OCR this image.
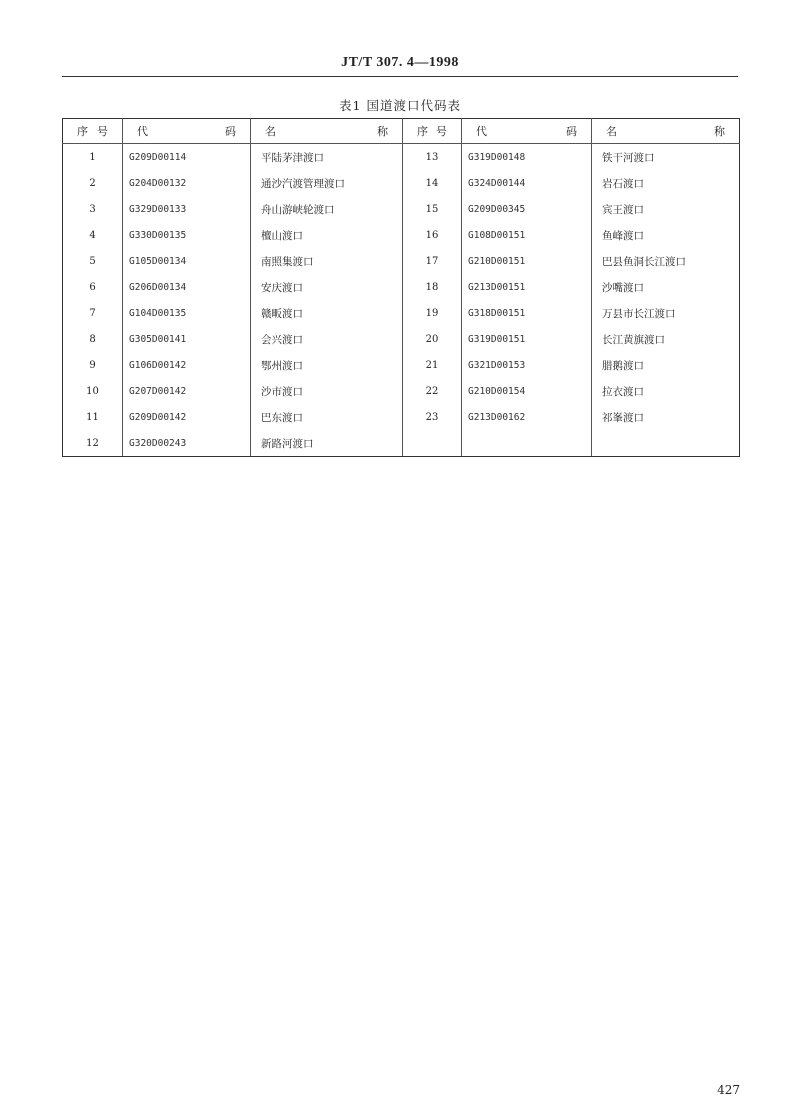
JT/T 307. 4—1998
表1 国道渡口代码表
序 号	代 码	名 称	序 号	代 码	名 称
1	G209D00114	平陆茅津渡口	13	G319D00148	铁干河渡口
2	G204D00132	通沙汽渡管理渡口	14	G324D00144	岩石渡口
3	G329D00133	舟山游峡轮渡口	15	G209D00345	宾王渡口
4	G330D00135	檀山渡口	16	G108D00151	鱼峰渡口
5	G105D00134	南照集渡口	17	G210D00151	巴县鱼洞长江渡口
6	G206D00134	安庆渡口	18	G213D00151	沙嘴渡口
7	G104D00135	赣畈渡口	19	G318D00151	万县市长江渡口
8	G305D00141	会兴渡口	20	G319D00151	长江黄旗渡口
9	G106D00142	鄂州渡口	21	G321D00153	腊鹅渡口
10	G207D00142	沙市渡口	22	G210D00154	拉衣渡口
11	G209D00142	巴东渡口	23	G213D00162	祁峯渡口
12	G320D00243	新路河渡口			
427
